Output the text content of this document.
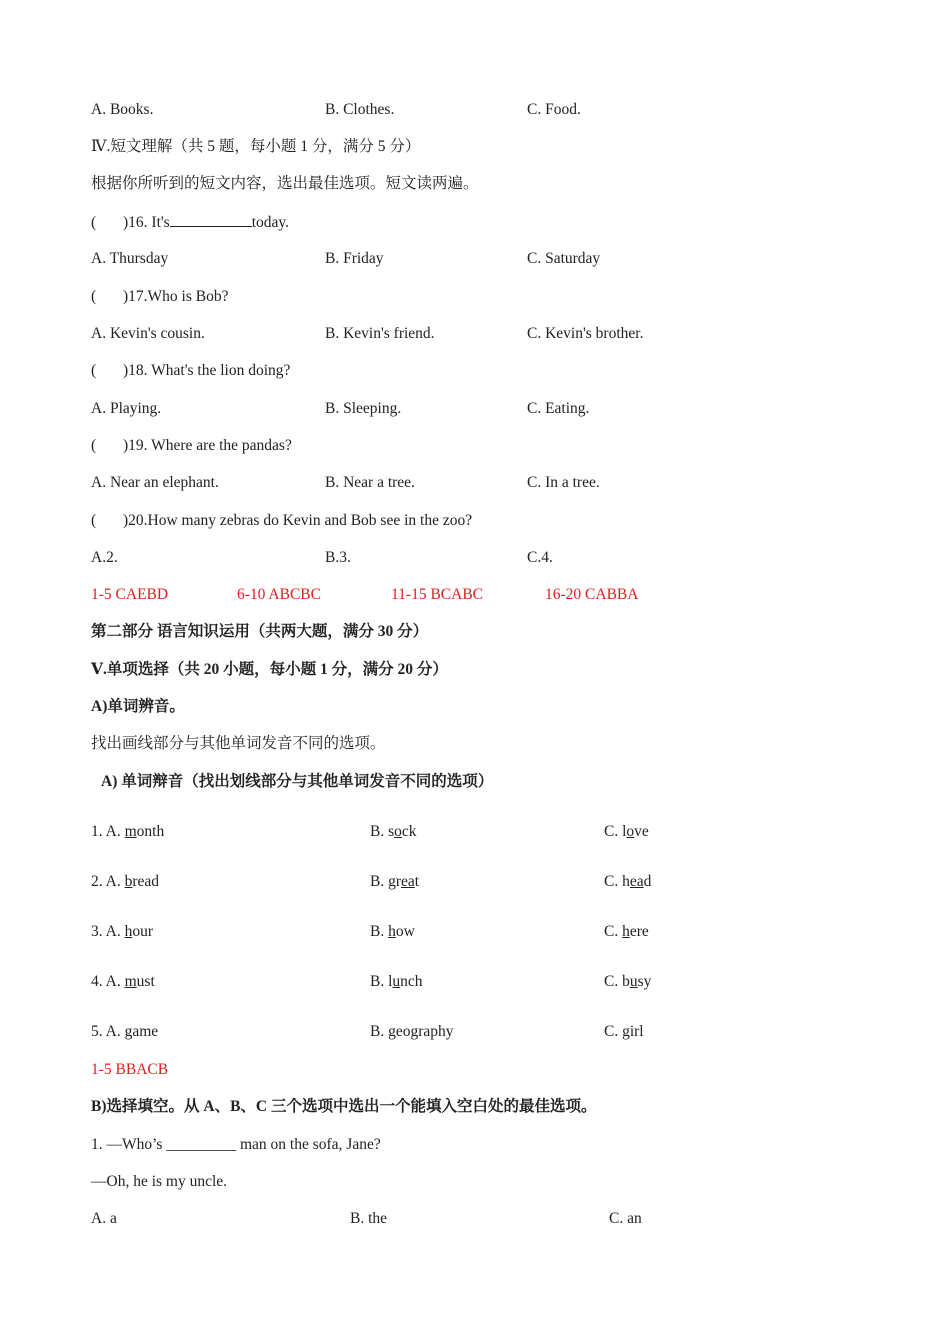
A. Books.	B. Clothes.	C. Food.
Ⅳ.短文理解（共 5 题，每小题 1 分，满分 5 分）
根据你所听到的短文内容，选出最佳选项。短文读两遍。
( )16. It's	today.
A. Thursday	B. Friday	C. Saturday
( )17.Who is Bob?
A. Kevin's cousin.	B. Kevin's friend.	C. Kevin's brother.
( )18. What's the lion doing?
A. Playing.	B. Sleeping.	C. Eating.
( )19. Where are the pandas?
A. Near an elephant.	B. Near a tree.	C. In a tree.
( )20.How many zebras do Kevin and Bob see in the zoo?
A.2.	B.3.	C.4.
1-5 CAEBD	6-10 ABCBC	11-15 BCABC	16-20 CABBA
第二部分 语言知识运用（共两大题，满分 30 分）
Ⅴ.单项选择（共 20 小题，每小题 1 分，满分 20 分）
A)单词辨音。
找出画线部分与其他单词发音不同的选项。
A) 单词辩音（找出划线部分与其他单词发音不同的选项）
1. A. month	B. sock	C. love
2. A. bread	B. great	C. head
3. A. hour	B. how	C. here
4. A. must	B. lunch	C. busy
5. A. game	B. geography	C. girl
1-5 BBACB
B)选择填空。从 A、B、C 三个选项中选出一个能填入空白处的最佳选项。
1. —Who’s _________ man on the sofa, Jane?
—Oh, he is my uncle.
A. a	B. the	C. an
